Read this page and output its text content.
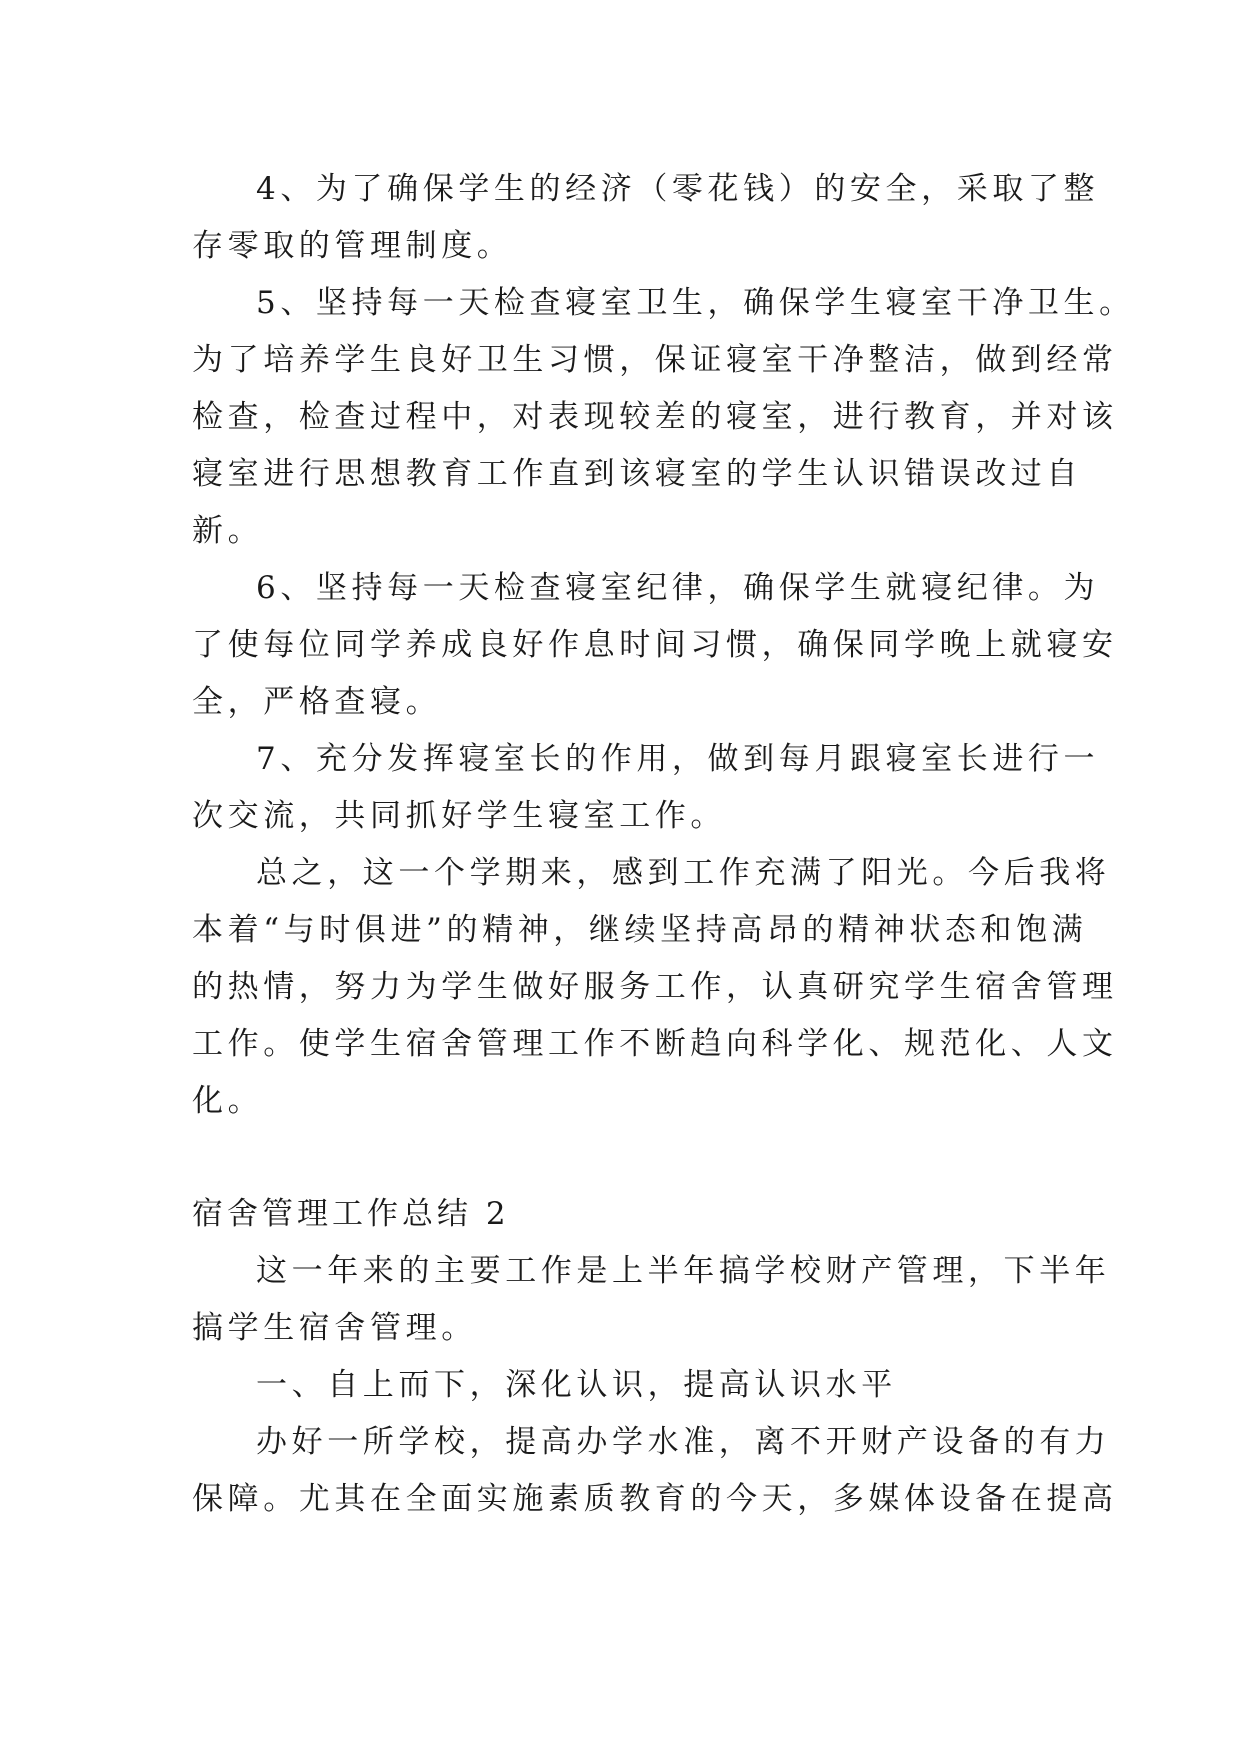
4、为了确保学生的经济（零花钱）的安全，采取了整
存零取的管理制度。
5、坚持每一天检查寝室卫生，确保学生寝室干净卫生。
为了培养学生良好卫生习惯，保证寝室干净整洁，做到经常
检查，检查过程中，对表现较差的寝室，进行教育，并对该
寝室进行思想教育工作直到该寝室的学生认识错误改过自
新。
6、坚持每一天检查寝室纪律，确保学生就寝纪律。为
了使每位同学养成良好作息时间习惯，确保同学晚上就寝安
全，严格查寝。
7、充分发挥寝室长的作用，做到每月跟寝室长进行一
次交流，共同抓好学生寝室工作。
总之，这一个学期来，感到工作充满了阳光。今后我将
本着“与时俱进”的精神，继续坚持高昂的精神状态和饱满
的热情，努力为学生做好服务工作，认真研究学生宿舍管理
工作。使学生宿舍管理工作不断趋向科学化、规范化、人文
化。
宿舍管理工作总结 2
这一年来的主要工作是上半年搞学校财产管理，下半年
搞学生宿舍管理。
一、自上而下，深化认识，提高认识水平
办好一所学校，提高办学水准，离不开财产设备的有力
保障。尤其在全面实施素质教育的今天，多媒体设备在提高
